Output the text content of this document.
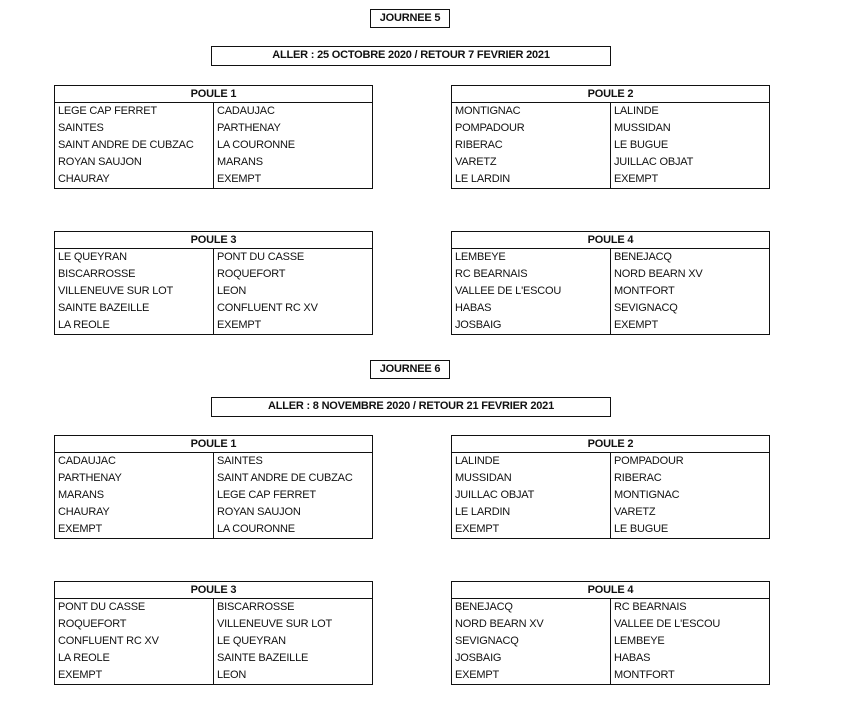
JOURNEE 5
ALLER : 25 OCTOBRE 2020 / RETOUR 7 FEVRIER 2021
POULE 1	
LEGE CAP FERRET	CADAUJAC
SAINTES	PARTHENAY
SAINT ANDRE DE CUBZAC	LA COURONNE
ROYAN SAUJON	MARANS
CHAURAY	EXEMPT
POULE 2	
MONTIGNAC	LALINDE
POMPADOUR	MUSSIDAN
RIBERAC	LE BUGUE
VARETZ	JUILLAC OBJAT
LE LARDIN	EXEMPT
POULE 3	
LE QUEYRAN	PONT DU CASSE
BISCARROSSE	ROQUEFORT
VILLENEUVE SUR LOT	LEON
SAINTE BAZEILLE	CONFLUENT RC XV
LA REOLE	EXEMPT
POULE 4	
LEMBEYE	BENEJACQ
RC BEARNAIS	NORD BEARN XV
VALLEE DE L'ESCOU	MONTFORT
HABAS	SEVIGNACQ
JOSBAIG	EXEMPT
JOURNEE 6
ALLER : 8 NOVEMBRE 2020 / RETOUR 21 FEVRIER 2021
POULE 1	
CADAUJAC	SAINTES
PARTHENAY	SAINT ANDRE DE CUBZAC
MARANS	LEGE CAP FERRET
CHAURAY	ROYAN SAUJON
EXEMPT	LA COURONNE
POULE 2	
LALINDE	POMPADOUR
MUSSIDAN	RIBERAC
JUILLAC OBJAT	MONTIGNAC
LE LARDIN	VARETZ
EXEMPT	LE BUGUE
POULE 3	
PONT DU CASSE	BISCARROSSE
ROQUEFORT	VILLENEUVE SUR LOT
CONFLUENT RC XV	LE QUEYRAN
LA REOLE	SAINTE BAZEILLE
EXEMPT	LEON
POULE 4	
BENEJACQ	RC BEARNAIS
NORD BEARN XV	VALLEE DE L'ESCOU
SEVIGNACQ	LEMBEYE
JOSBAIG	HABAS
EXEMPT	MONTFORT
